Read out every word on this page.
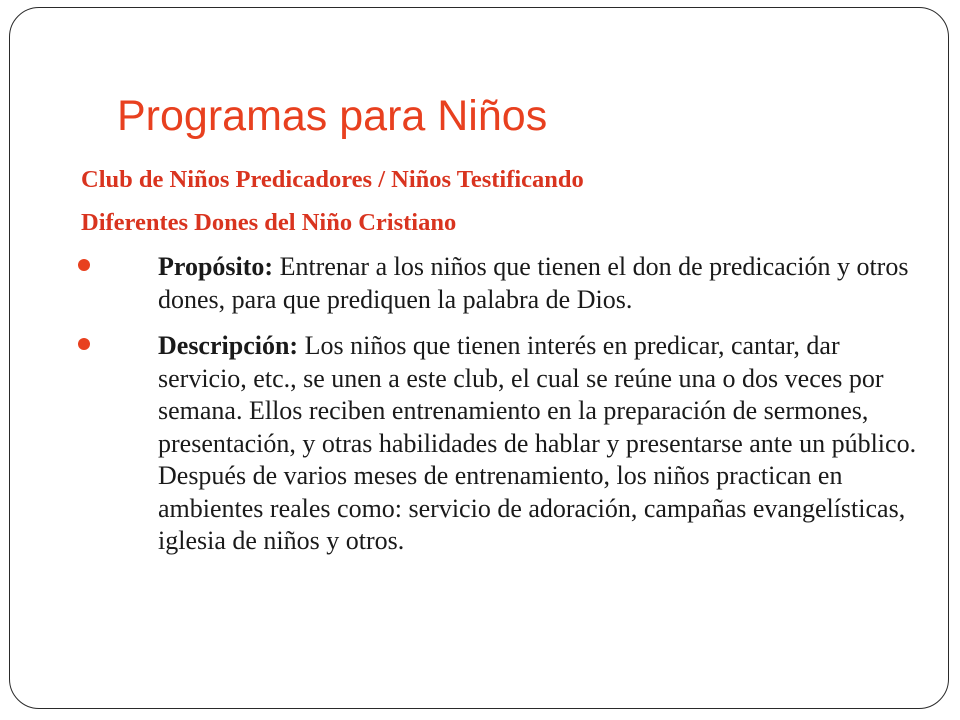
Programas para Niños
Club de Niños Predicadores / Niños Testificando
Diferentes Dones del Niño Cristiano
Propósito: Entrenar a los niños que tienen el don de predicación y otros dones, para que prediquen la palabra de Dios.
Descripción: Los niños que tienen interés en predicar, cantar, dar servicio, etc., se unen a este club, el cual se reúne una o dos veces por semana. Ellos reciben entrenamiento en la preparación de sermones, presentación, y otras habilidades de hablar y presentarse ante un público. Después de varios meses de entrenamiento, los niños practican en ambientes reales como: servicio de adoración, campañas evangelísticas, iglesia de niños y otros.
